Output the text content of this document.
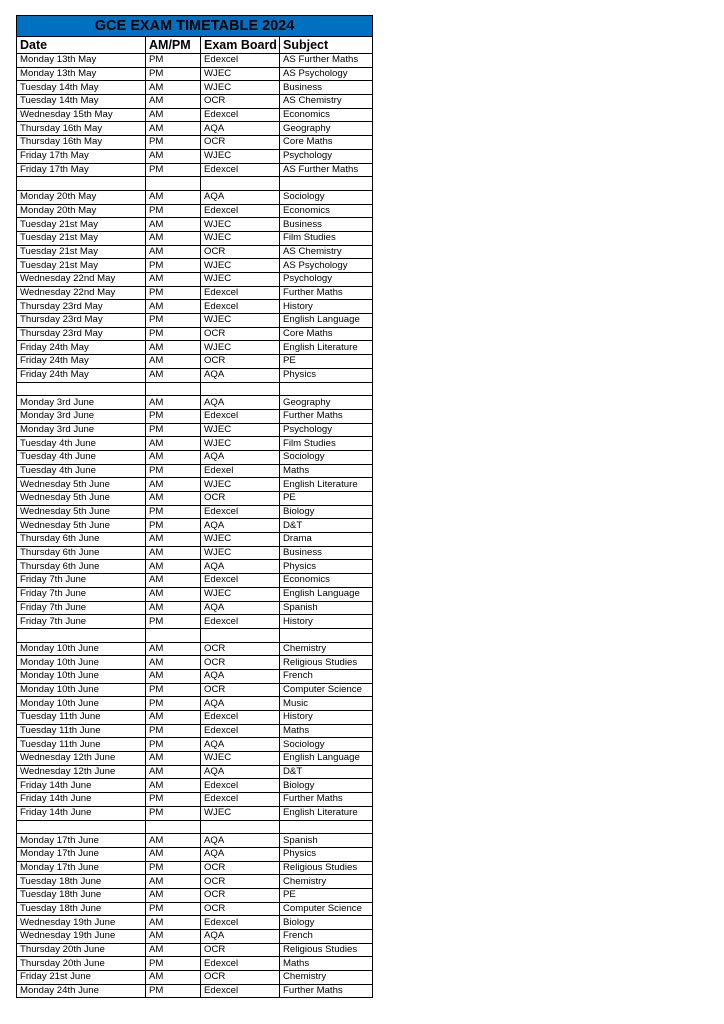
GCE EXAM TIMETABLE 2024			
Date	AM/PM	Exam Board	Subject
Monday 13th May	PM	Edexcel	AS Further Maths
Monday 13th May	PM	WJEC	AS Psychology
Tuesday 14th May	AM	WJEC	Business
Tuesday 14th May	AM	OCR	AS Chemistry
Wednesday 15th May	AM	Edexcel	Economics
Thursday 16th May	AM	AQA	Geography
Thursday 16th May	PM	OCR	Core Maths
Friday 17th May	AM	WJEC	Psychology
Friday 17th May	PM	Edexcel	AS Further Maths

Monday 20th May	AM	AQA	Sociology
Monday 20th May	PM	Edexcel	Economics
Tuesday 21st May	AM	WJEC	Business
Tuesday 21st May	AM	WJEC	Film Studies
Tuesday 21st May	AM	OCR	AS Chemistry
Tuesday 21st May	PM	WJEC	AS Psychology
Wednesday 22nd May	AM	WJEC	Psychology
Wednesday 22nd May	PM	Edexcel	Further Maths
Thursday 23rd May	AM	Edexcel	History
Thursday 23rd May	PM	WJEC	English Language
Thursday 23rd May	PM	OCR	Core Maths
Friday 24th May	AM	WJEC	English Literature
Friday 24th May	AM	OCR	PE
Friday 24th May	AM	AQA	Physics

Monday 3rd June	AM	AQA	Geography
Monday 3rd June	PM	Edexcel	Further Maths
Monday 3rd June	PM	WJEC	Psychology
Tuesday 4th June	AM	WJEC	Film Studies
Tuesday 4th June	AM	AQA	Sociology
Tuesday 4th June	PM	Edexel	Maths
Wednesday 5th June	AM	WJEC	English Literature
Wednesday 5th June	AM	OCR	PE
Wednesday 5th June	PM	Edexcel	Biology
Wednesday 5th June	PM	AQA	D&T
Thursday 6th June	AM	WJEC	Drama
Thursday 6th June	AM	WJEC	Business
Thursday 6th June	AM	AQA	Physics
Friday 7th June	AM	Edexcel	Economics
Friday 7th June	AM	WJEC	English Language
Friday 7th June	AM	AQA	Spanish
Friday 7th June	PM	Edexcel	History

Monday 10th June	AM	OCR	Chemistry
Monday 10th June	AM	OCR	Religious Studies
Monday 10th June	AM	AQA	French
Monday 10th June	PM	OCR	Computer Science
Monday 10th June	PM	AQA	Music
Tuesday 11th June	AM	Edexcel	History
Tuesday 11th June	PM	Edexcel	Maths
Tuesday 11th June	PM	AQA	Sociology
Wednesday 12th June	AM	WJEC	English Language
Wednesday 12th June	AM	AQA	D&T
Friday 14th June	AM	Edexcel	Biology
Friday 14th June	PM	Edexcel	Further Maths
Friday 14th June	PM	WJEC	English Literature

Monday 17th June	AM	AQA	Spanish
Monday 17th June	AM	AQA	Physics
Monday 17th June	PM	OCR	Religious Studies
Tuesday 18th June	AM	OCR	Chemistry
Tuesday 18th June	AM	OCR	PE
Tuesday 18th June	PM	OCR	Computer Science
Wednesday 19th June	AM	Edexcel	Biology
Wednesday 19th June	AM	AQA	French
Thursday 20th June	AM	OCR	Religious Studies
Thursday 20th June	PM	Edexcel	Maths
Friday 21st June	AM	OCR	Chemistry
Monday 24th June	PM	Edexcel	Further Maths
